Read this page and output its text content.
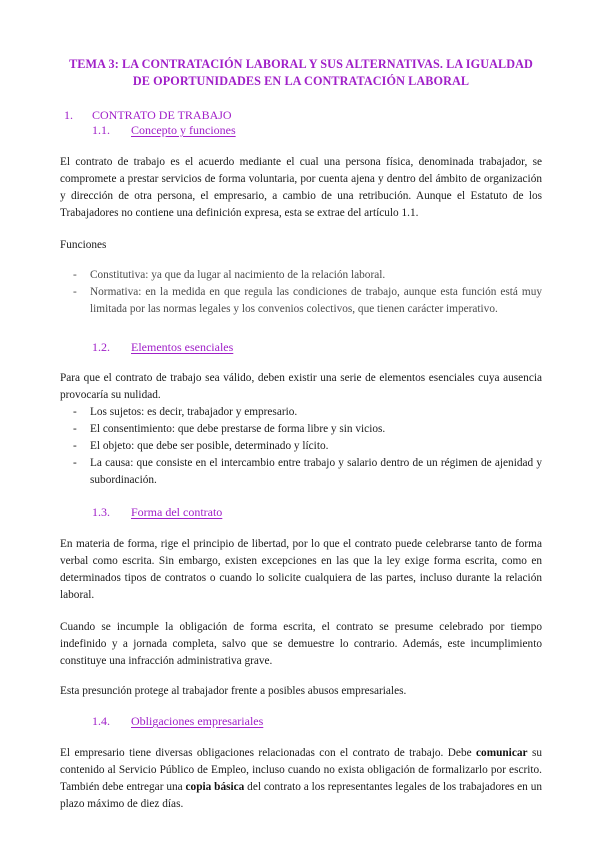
TEMA 3: LA CONTRATACIÓN LABORAL Y SUS ALTERNATIVAS. LA IGUALDAD DE OPORTUNIDADES EN LA CONTRATACIÓN LABORAL
1. CONTRATO DE TRABAJO
1.1. Concepto y funciones

El contrato de trabajo es el acuerdo mediante el cual una persona física, denominada trabajador, se compromete a prestar servicios de forma voluntaria, por cuenta ajena y dentro del ámbito de organización y dirección de otra persona, el empresario, a cambio de una retribución. Aunque el Estatuto de los Trabajadores no contiene una definición expresa, esta se extrae del artículo 1.1.

Funciones

- Constitutiva: ya que da lugar al nacimiento de la relación laboral.
- Normativa: en la medida en que regula las condiciones de trabajo, aunque esta función está muy limitada por las normas legales y los convenios colectivos, que tienen carácter imperativo.
1.2. Elementos esenciales

Para que el contrato de trabajo sea válido, deben existir una serie de elementos esenciales cuya ausencia provocaría su nulidad.

- Los sujetos: es decir, trabajador y empresario.
- El consentimiento: que debe prestarse de forma libre y sin vicios.
- El objeto: que debe ser posible, determinado y lícito.
- La causa: que consiste en el intercambio entre trabajo y salario dentro de un régimen de ajenidad y subordinación.
1.3. Forma del contrato

En materia de forma, rige el principio de libertad, por lo que el contrato puede celebrarse tanto de forma verbal como escrita. Sin embargo, existen excepciones en las que la ley exige forma escrita, como en determinados tipos de contratos o cuando lo solicite cualquiera de las partes, incluso durante la relación laboral.

Cuando se incumple la obligación de forma escrita, el contrato se presume celebrado por tiempo indefinido y a jornada completa, salvo que se demuestre lo contrario. Además, este incumplimiento constituye una infracción administrativa grave.

Esta presunción protege al trabajador frente a posibles abusos empresariales.

1.4. Obligaciones empresariales

El empresario tiene diversas obligaciones relacionadas con el contrato de trabajo. Debe comunicar su contenido al Servicio Público de Empleo, incluso cuando no exista obligación de formalizarlo por escrito. También debe entregar una copia básica del contrato a los representantes legales de los trabajadores en un plazo máximo de diez días.
